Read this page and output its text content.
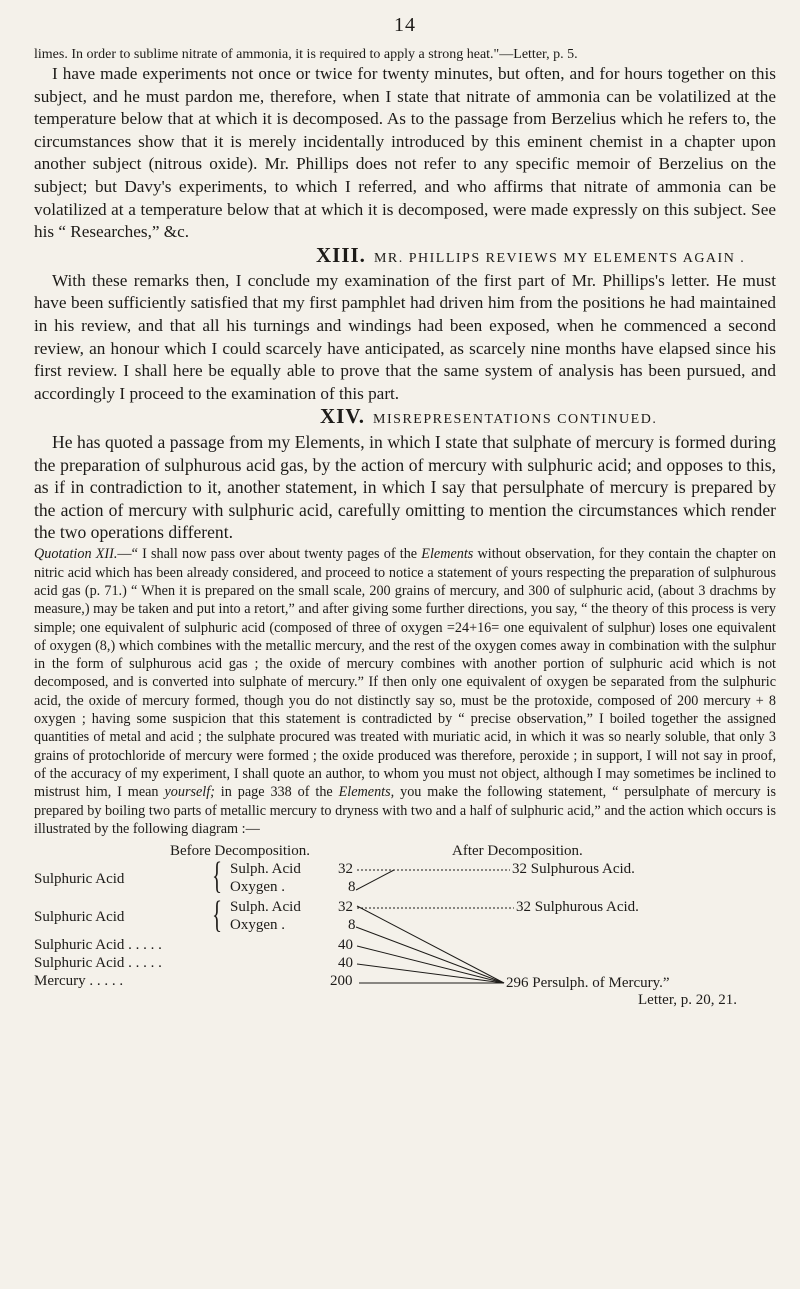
14

limes. In order to sublime nitrate of ammonia, it is required to apply a strong heat."—Letter, p. 5.

I have made experiments not once or twice for twenty minutes, but often, and for hours together on this subject, and he must pardon me, therefore, when I state that nitrate of ammonia can be volatilized at the temperature below that at which it is decomposed. As to the passage from Berzelius which he refers to, the circumstances show that it is merely incidentally introduced by this eminent chemist in a chapter upon another subject (nitrous oxide). Mr. Phillips does not refer to any specific memoir of Berzelius on the subject; but Davy's experiments, to which I referred, and who affirms that nitrate of ammonia can be volatilized at a temperature below that at which it is decomposed, were made expressly on this subject. See his “ Researches,” &c.

XIII. MR. PHILLIPS REVIEWS MY ELEMENTS AGAIN .

With these remarks then, I conclude my examination of the first part of Mr. Phillips's letter. He must have been sufficiently satisfied that my first pamphlet had driven him from the positions he had maintained in his review, and that all his turnings and windings had been exposed, when he commenced a second review, an honour which I could scarcely have anticipated, as scarcely nine months have elapsed since his first review. I shall here be equally able to prove that the same system of analysis has been pursued, and accordingly I proceed to the examination of this part.

XIV. MISREPRESENTATIONS CONTINUED.

He has quoted a passage from my Elements, in which I state that sulphate of mercury is formed during the preparation of sulphurous acid gas, by the action of mercury with sulphuric acid; and opposes to this, as if in contradiction to it, another statement, in which I say that persulphate of mercury is prepared by the action of mercury with sulphuric acid, carefully omitting to mention the circumstances which render the two operations different.

Quotation XII.—“ I shall now pass over about twenty pages of the Elements without observation, for they contain the chapter on nitric acid which has been already considered, and proceed to notice a statement of yours respecting the preparation of sulphurous acid gas (p. 71.) “ When it is prepared on the small scale, 200 grains of mercury, and 300 of sulphuric acid, (about 3 drachms by measure,) may be taken and put into a retort,” and after giving some further directions, you say, “ the theory of this process is very simple; one equivalent of sulphuric acid (composed of three of oxygen =24+16= one equivalent of sulphur) loses one equivalent of oxygen (8,) which combines with the metallic mercury, and the rest of the oxygen comes away in combination with the sulphur in the form of sulphurous acid gas ; the oxide of mercury combines with another portion of sulphuric acid which is not decomposed, and is converted into sulphate of mercury.” If then only one equivalent of oxygen be separated from the sulphuric acid, the oxide of mercury formed, though you do not distinctly say so, must be the protoxide, composed of 200 mercury + 8 oxygen ; having some suspicion that this statement is contradicted by “ precise observation,” I boiled together the assigned quantities of metal and acid ; the sulphate procured was treated with muriatic acid, in which it was so nearly soluble, that only 3 grains of protochloride of mercury were formed ; the oxide produced was therefore, peroxide ; in support, I will not say in proof, of the accuracy of my experiment, I shall quote an author, to whom you must not object, although I may sometimes be inclined to mistrust him, I mean yourself; in page 338 of the Elements, you make the following statement, “ persulphate of mercury is prepared by boiling two parts of metallic mercury to dryness with two and a half of sulphuric acid,” and the action which occurs is illustrated by the following diagram :—

Before Decomposition.	After Decomposition.
Sulphuric Acid { Sulph. Acid
Oxygen .
Sulphuric Acid { Sulph. Acid
Oxygen .
Sulphuric Acid . . . . .
Sulphuric Acid . . . . .
Mercury . . . . .
32
8
32
8
40
40
200
32 Sulphurous Acid.
32 Sulphurous Acid.
296 Persulph. of Mercury.”
Letter, p. 20, 21.
